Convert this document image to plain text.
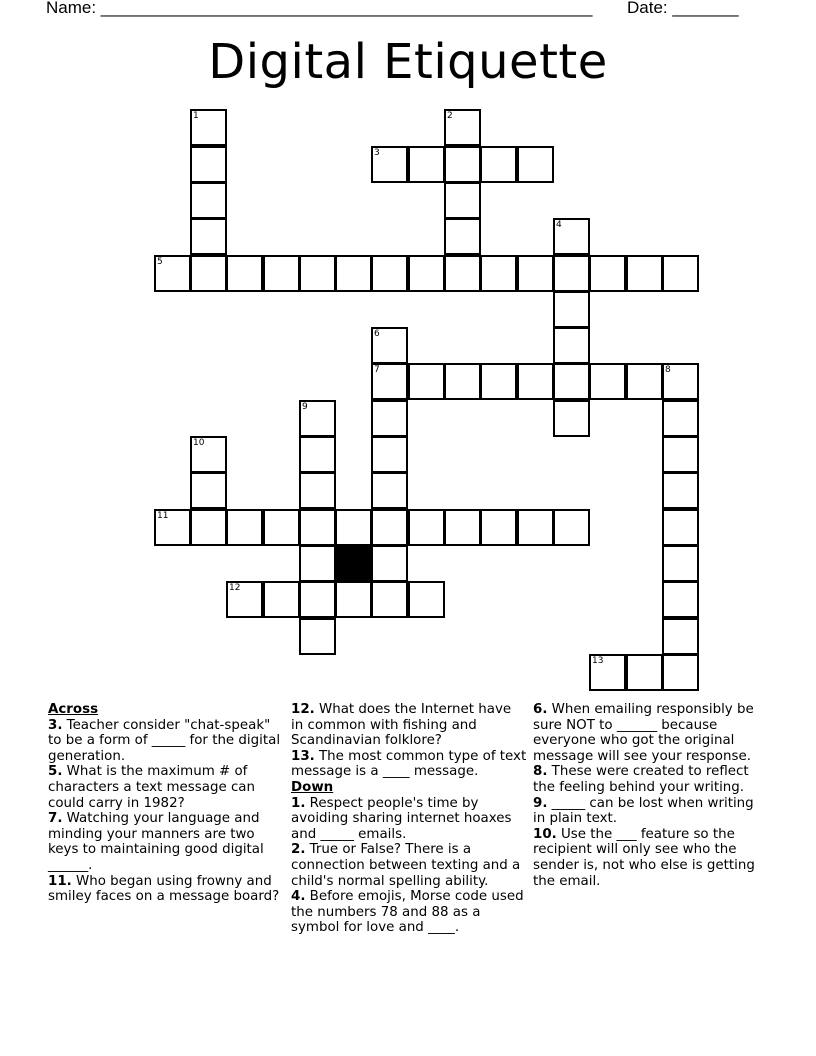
Name: ____________________________________________________ Date: _______
Digital Etiquette
1	2
3
4
5
6
7	8
9
10
11
12
13

Across

3. Teacher consider "chat-speak" to be a form of _____ for the digital generation.

5. What is the maximum # of characters a text message can could carry in 1982?

7. Watching your language and minding your manners are two keys to maintaining good digital ______.

11. Who began using frowny and smiley faces on a message board?

12. What does the Internet have in common with fishing and Scandinavian folklore?

13. The most common type of text message is a ____ message.

Down

1. Respect people's time by avoiding sharing internet hoaxes and _____ emails.

2. True or False? There is a connection between texting and a child's normal spelling ability.

4. Before emojis, Morse code used the numbers 78 and 88 as a symbol for love and ____.

6. When emailing responsibly be sure NOT to ______ because everyone who got the original message will see your response.

8. These were created to reflect the feeling behind your writing.

9. _____ can be lost when writing in plain text.

10. Use the ___ feature so the recipient will only see who the sender is, not who else is getting the email.
